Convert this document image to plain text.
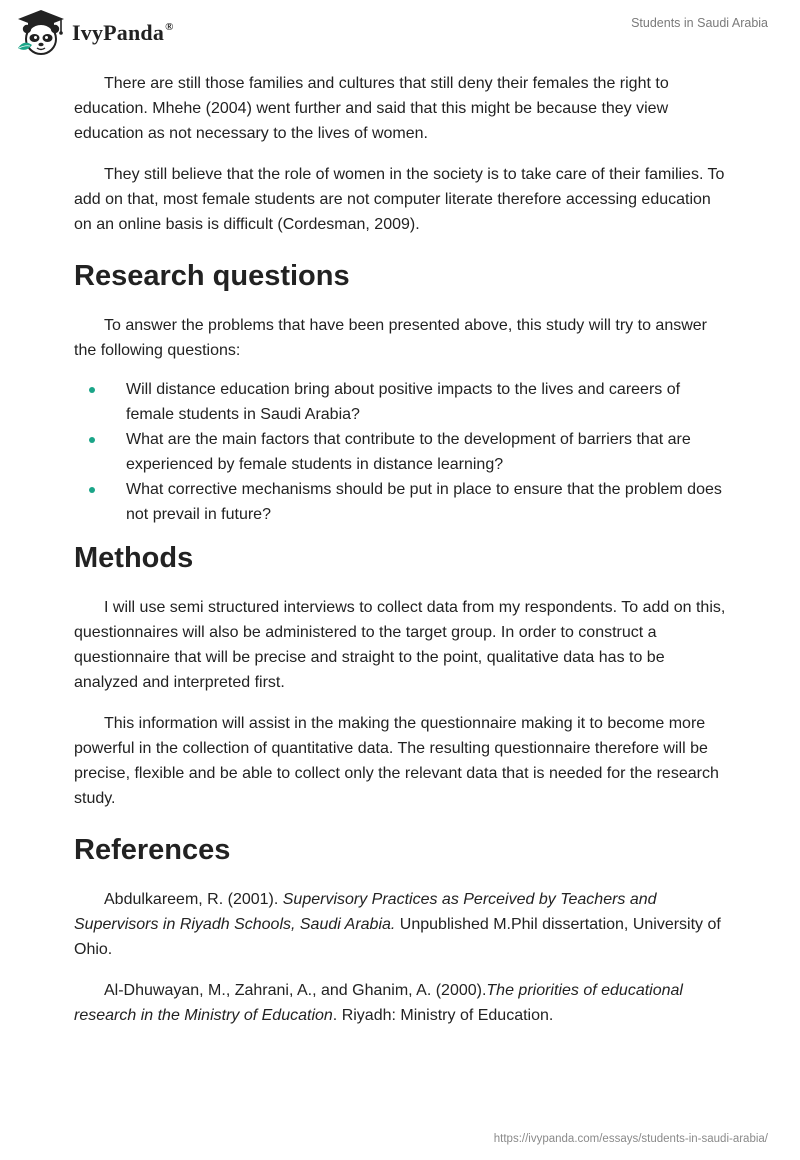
IvyPanda®	Students in Saudi Arabia

There are still those families and cultures that still deny their females the right to education. Mhehe (2004) went further and said that this might be because they view education as not necessary to the lives of women.

They still believe that the role of women in the society is to take care of their families. To add on that, most female students are not computer literate therefore accessing education on an online basis is difficult (Cordesman, 2009).

Research questions

To answer the problems that have been presented above, this study will try to answer the following questions:

Will distance education bring about positive impacts to the lives and careers of female students in Saudi Arabia?
What are the main factors that contribute to the development of barriers that are experienced by female students in distance learning?
What corrective mechanisms should be put in place to ensure that the problem does not prevail in future?
Methods

I will use semi structured interviews to collect data from my respondents. To add on this, questionnaires will also be administered to the target group. In order to construct a questionnaire that will be precise and straight to the point, qualitative data has to be analyzed and interpreted first.

This information will assist in the making the questionnaire making it to become more powerful in the collection of quantitative data. The resulting questionnaire therefore will be precise, flexible and be able to collect only the relevant data that is needed for the research study.

References

Abdulkareem, R. (2001). Supervisory Practices as Perceived by Teachers and Supervisors in Riyadh Schools, Saudi Arabia. Unpublished M.Phil dissertation, University of Ohio.

Al-Dhuwayan, M., Zahrani, A., and Ghanim, A. (2000).The priorities of educational research in the Ministry of Education. Riyadh: Ministry of Education.

https://ivypanda.com/essays/students-in-saudi-arabia/
